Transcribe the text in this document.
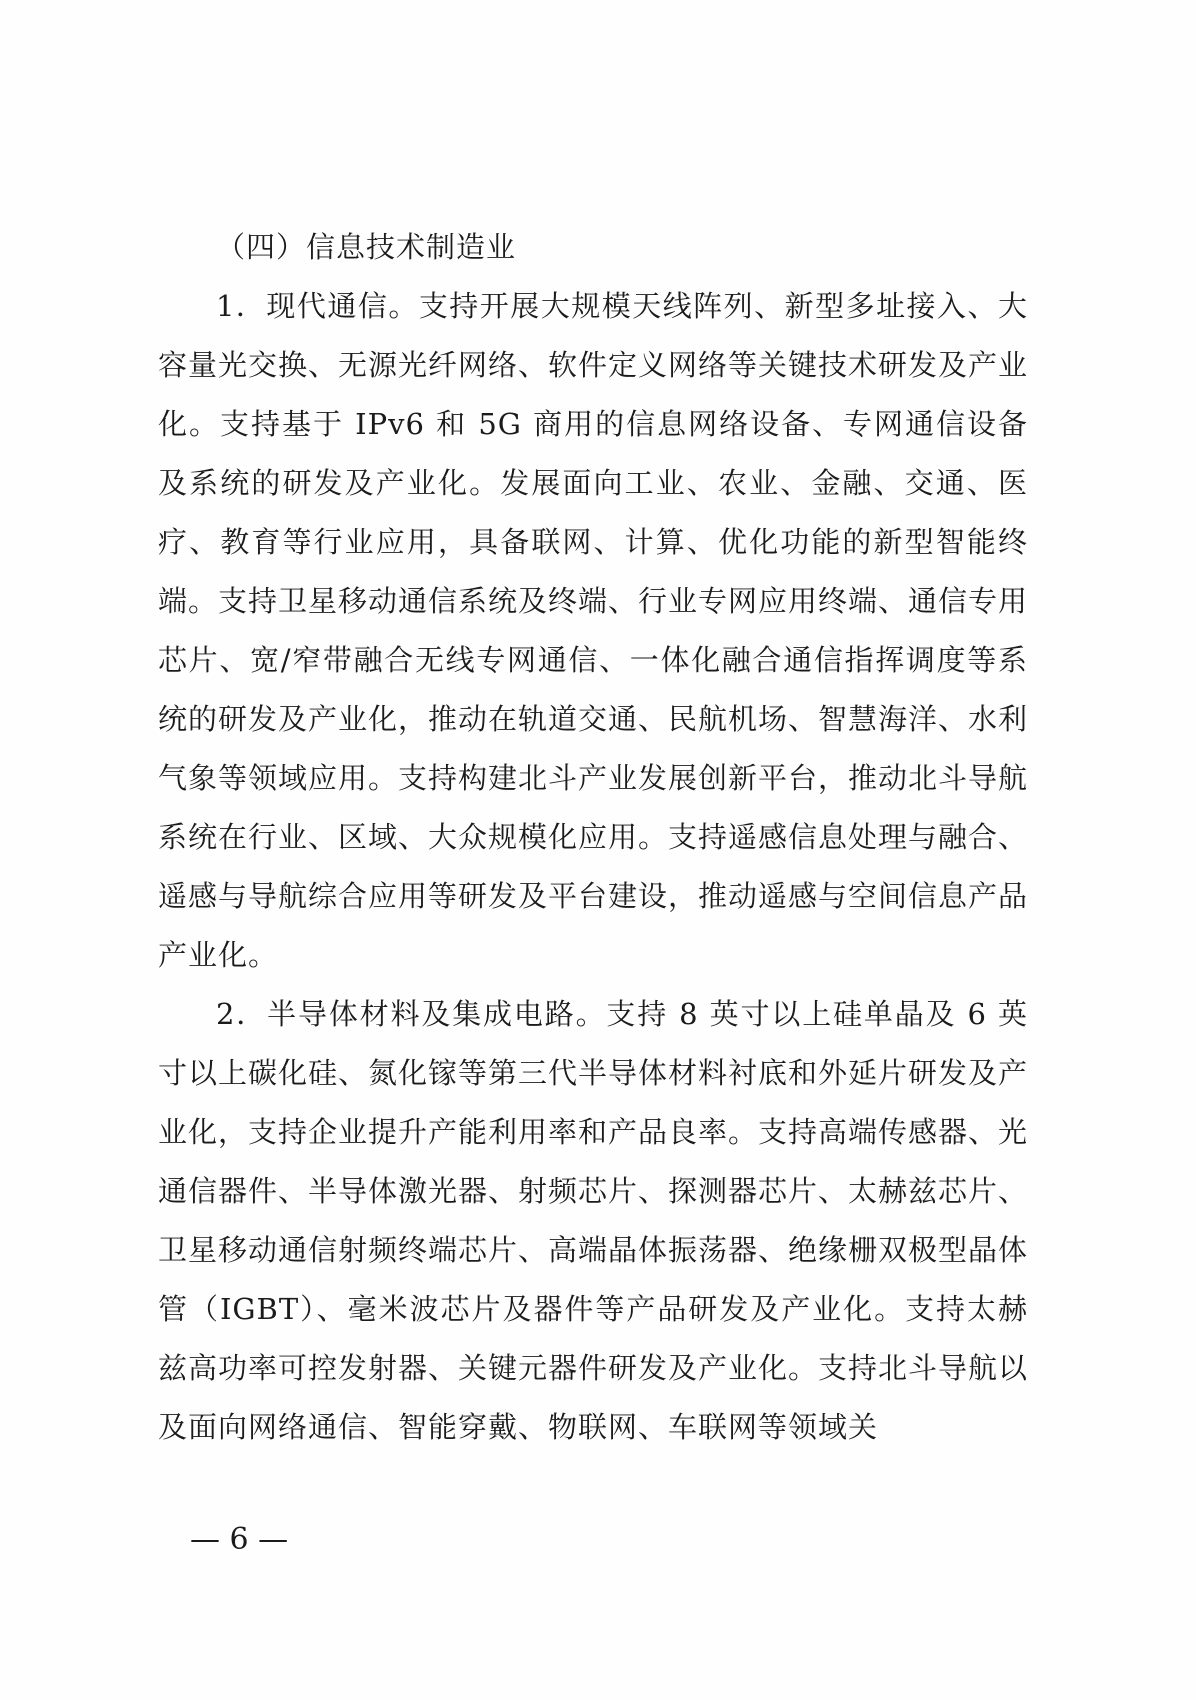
（四）信息技术制造业

1．现代通信。支持开展大规模天线阵列、新型多址接入、大容量光交换、无源光纤网络、软件定义网络等关键技术研发及产业化。支持基于 IPv6 和 5G 商用的信息网络设备、专网通信设备及系统的研发及产业化。发展面向工业、农业、金融、交通、医疗、教育等行业应用，具备联网、计算、优化功能的新型智能终端。支持卫星移动通信系统及终端、行业专网应用终端、通信专用芯片、宽/窄带融合无线专网通信、一体化融合通信指挥调度等系统的研发及产业化，推动在轨道交通、民航机场、智慧海洋、水利气象等领域应用。支持构建北斗产业发展创新平台，推动北斗导航系统在行业、区域、大众规模化应用。支持遥感信息处理与融合、遥感与导航综合应用等研发及平台建设，推动遥感与空间信息产品产业化。

2．半导体材料及集成电路。支持 8 英寸以上硅单晶及 6 英寸以上碳化硅、氮化镓等第三代半导体材料衬底和外延片研发及产业化，支持企业提升产能利用率和产品良率。支持高端传感器、光通信器件、半导体激光器、射频芯片、探测器芯片、太赫兹芯片、卫星移动通信射频终端芯片、高端晶体振荡器、绝缘栅双极型晶体管（IGBT）、毫米波芯片及器件等产品研发及产业化。支持太赫兹高功率可控发射器、关键元器件研发及产业化。支持北斗导航以及面向网络通信、智能穿戴、物联网、车联网等领域关

— 6 —
